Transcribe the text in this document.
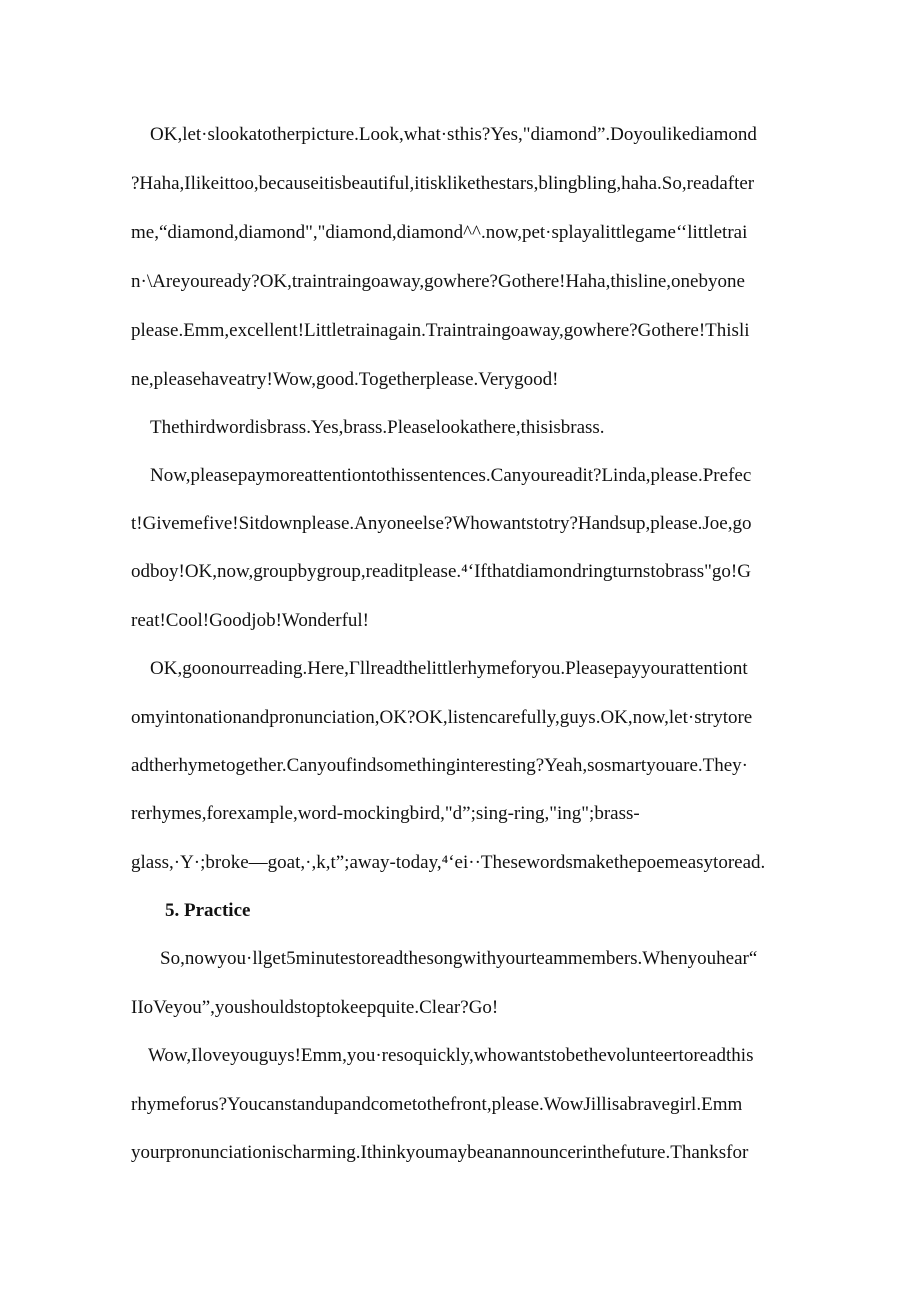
OK,let·slookatotherpicture.Look,what·sthis?Yes,"diamond”.Doyoulikediamond
?Haha,Ilikeittoo,becauseitisbeautiful,itisklikethestars,blingbling,haha.So,readafter
me,“diamond,diamond","diamond,diamond^^.now,pet·splayalittlegame‘‘littletrai
n·\Areyouready?OK,traintraingoaway,gowhere?Gothere!Haha,thisline,onebyone
please.Emm,excellent!Littletrainagain.Traintraingoaway,gowhere?Gothere!Thisli
ne,pleasehaveatry!Wow,good.Togetherplease.Verygood!
Thethirdwordisbrass.Yes,brass.Pleaselookathere,thisisbrass.
Now,pleasepaymoreattentiontothissentences.Canyoureadit?Linda,please.Prefec
t!Givemefive!Sitdownplease.Anyoneelse?Whowantstotry?Handsup,please.Joe,go
odboy!OK,now,groupbygroup,readitplease.⁴‘Ifthatdiamondringturnstobrass"go!G
reat!Cool!Goodjob!Wonderful!
OK,goonourreading.Here,Γllreadthelittlerhymeforyou.Pleasepayyourattentiont
omyintonationandpronunciation,OK?OK,listencarefully,guys.OK,now,let·strytore
adtherhymetogether.Canyoufindsomethinginteresting?Yeah,sosmartyouare.They·
rerhymes,forexample,word-mockingbird,"d”;sing-ring,"ing";brass-
glass,·Y·;broke—goat,·,k,t”;away-today,⁴‘ei··Thesewordsmakethepoemeasytoread.
5. Practice
So,nowyou·llget5minutestoreadthesongwithyourteammembers.Whenyouhear“
IIoVeyou”,youshouldstoptokeepquite.Clear?Go!
Wow,Iloveyouguys!Emm,you·resoquickly,whowantstobethevolunteertoreadthis
rhymeforus?Youcanstandupandcometothefront,please.WowJillisabravegirl.Emm
yourpronunciationischarming.Ithinkyoumaybeanannouncerinthefuture.Thanksfor
